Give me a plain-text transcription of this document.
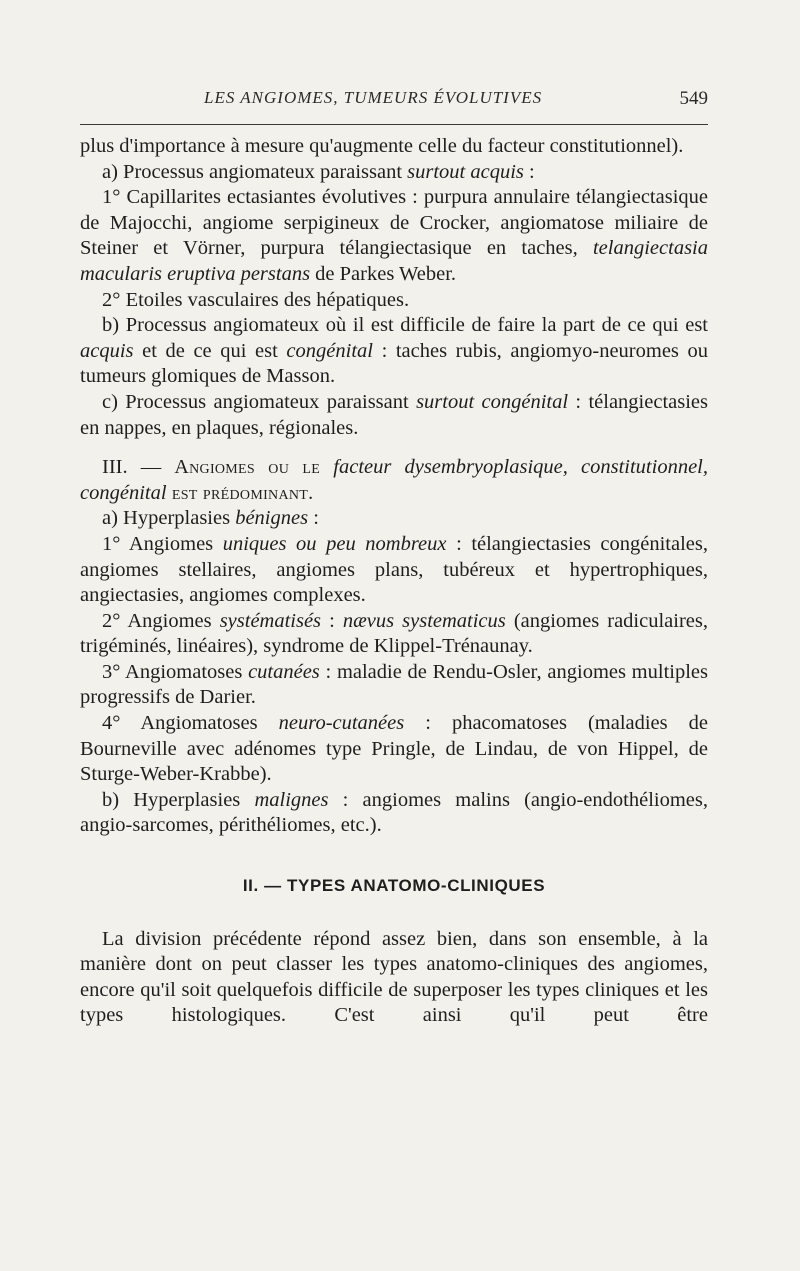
LES ANGIOMES, TUMEURS ÉVOLUTIVES	549

plus d'importance à mesure qu'augmente celle du facteur constitutionnel).

a) Processus angiomateux paraissant surtout acquis :

1° Capillarites ectasiantes évolutives : purpura annulaire télangiectasique de Majocchi, angiome serpigineux de Crocker, angiomatose miliaire de Steiner et Vörner, purpura télangiectasique en taches, telangiectasia macularis eruptiva perstans de Parkes Weber.

2° Etoiles vasculaires des hépatiques.

b) Processus angiomateux où il est difficile de faire la part de ce qui est acquis et de ce qui est congénital : taches rubis, angiomyo-neuromes ou tumeurs glomiques de Masson.

c) Processus angiomateux paraissant surtout congénital : télangiectasies en nappes, en plaques, régionales.

III. — Angiomes ou le facteur dysembryoplasique, constitutionnel, congénital est prédominant.

a) Hyperplasies bénignes :

1° Angiomes uniques ou peu nombreux : télangiectasies congénitales, angiomes stellaires, angiomes plans, tubéreux et hypertrophiques, angiectasies, angiomes complexes.

2° Angiomes systématisés : nævus systematicus (angiomes radiculaires, trigéminés, linéaires), syndrome de Klippel-Trénaunay.

3° Angiomatoses cutanées : maladie de Rendu-Osler, angiomes multiples progressifs de Darier.

4° Angiomatoses neuro-cutanées : phacomatoses (maladies de Bourneville avec adénomes type Pringle, de Lindau, de von Hippel, de Sturge-Weber-Krabbe).

b) Hyperplasies malignes : angiomes malins (angio-endothéliomes, angio-sarcomes, périthéliomes, etc.).

II. — TYPES ANATOMO-CLINIQUES

La division précédente répond assez bien, dans son ensemble, à la manière dont on peut classer les types anatomo-cliniques des angiomes, encore qu'il soit quelquefois difficile de superposer les types cliniques et les types histologiques. C'est ainsi qu'il peut être
